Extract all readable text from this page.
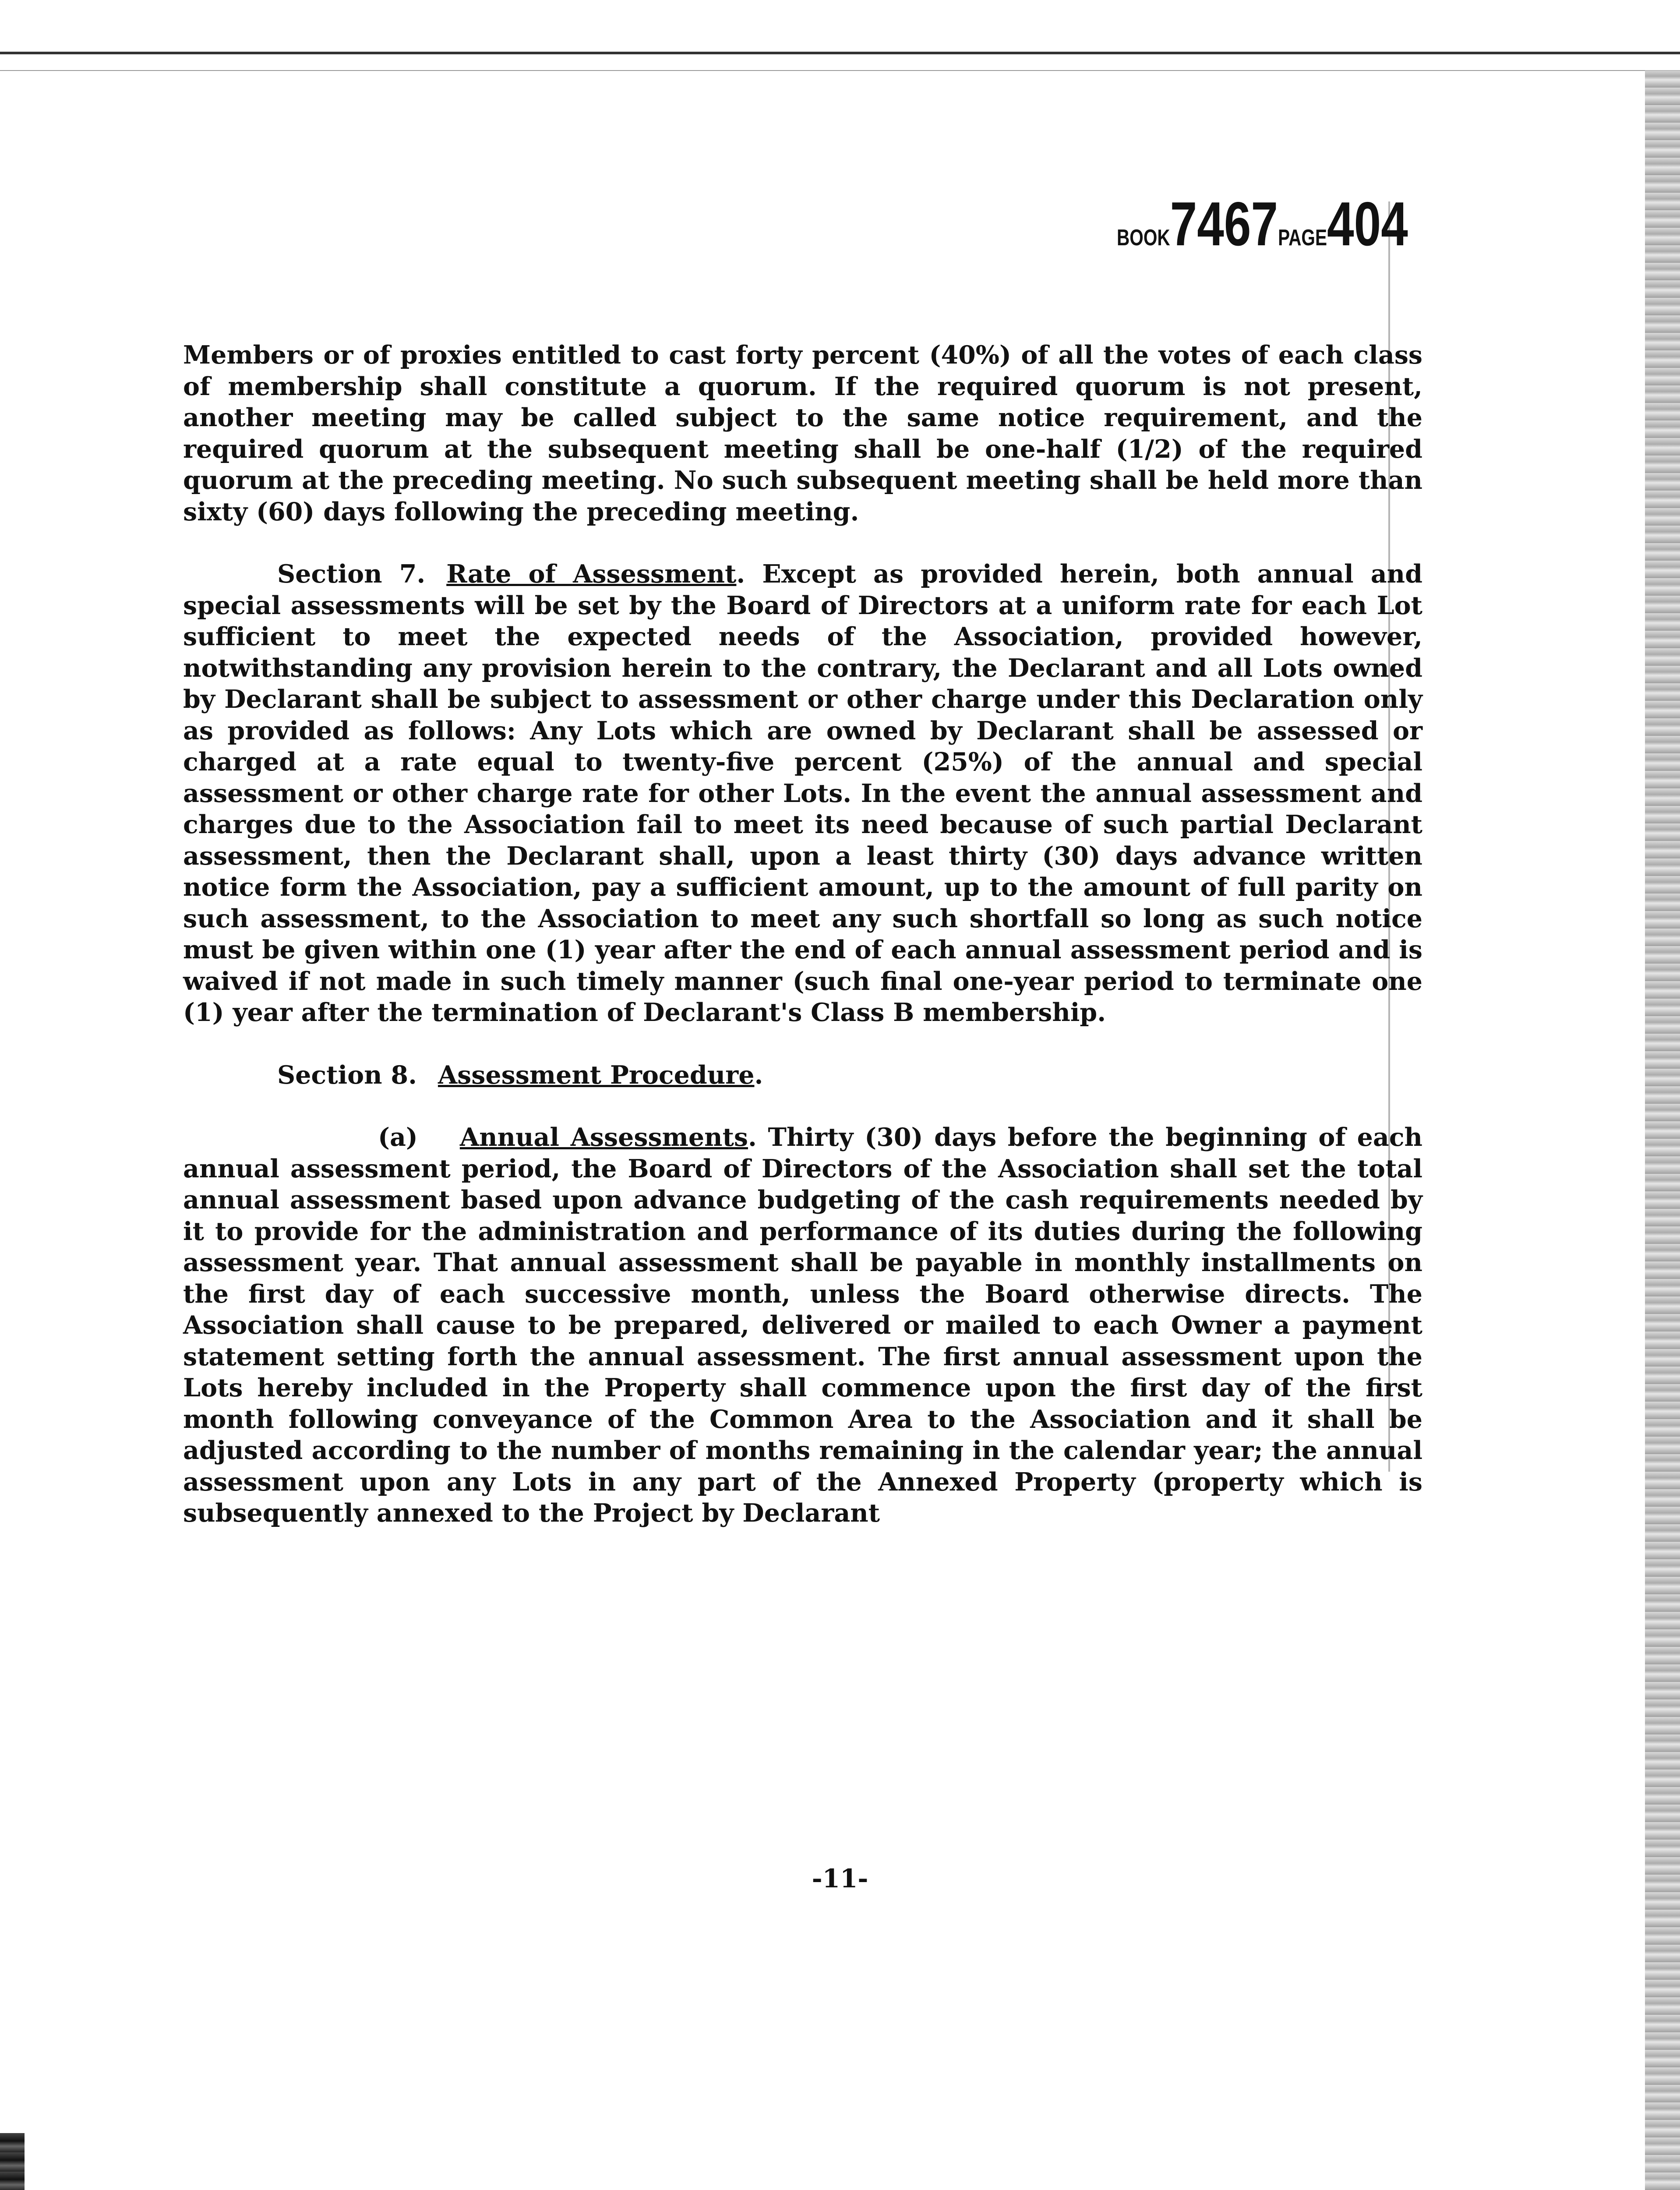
BOOK7467PAGE404

Members or of proxies entitled to cast forty percent (40%) of all the votes of each class of membership shall constitute a quorum. If the required quorum is not present, another meeting may be called subject to the same notice requirement, and the required quorum at the subsequent meeting shall be one-half (1/2) of the required quorum at the preceding meeting. No such subsequent meeting shall be held more than sixty (60) days following the preceding meeting.

Section 7. Rate of Assessment. Except as provided herein, both annual and special assessments will be set by the Board of Directors at a uniform rate for each Lot sufficient to meet the expected needs of the Association, provided however, notwithstanding any provision herein to the contrary, the Declarant and all Lots owned by Declarant shall be subject to assessment or other charge under this Declaration only as provided as follows: Any Lots which are owned by Declarant shall be assessed or charged at a rate equal to twenty-five percent (25%) of the annual and special assessment or other charge rate for other Lots. In the event the annual assessment and charges due to the Association fail to meet its need because of such partial Declarant assessment, then the Declarant shall, upon a least thirty (30) days advance written notice form the Association, pay a sufficient amount, up to the amount of full parity on such assessment, to the Association to meet any such shortfall so long as such notice must be given within one (1) year after the end of each annual assessment period and is waived if not made in such timely manner (such final one-year period to terminate one (1) year after the termination of Declarant's Class B membership.

Section 8. Assessment Procedure.

(a) Annual Assessments. Thirty (30) days before the beginning of each annual assessment period, the Board of Directors of the Association shall set the total annual assessment based upon advance budgeting of the cash requirements needed by it to provide for the administration and performance of its duties during the following assessment year. That annual assessment shall be payable in monthly installments on the first day of each successive month, unless the Board otherwise directs. The Association shall cause to be prepared, delivered or mailed to each Owner a payment statement setting forth the annual assessment. The first annual assessment upon the Lots hereby included in the Property shall commence upon the first day of the first month following conveyance of the Common Area to the Association and it shall be adjusted according to the number of months remaining in the calendar year; the annual assessment upon any Lots in any part of the Annexed Property (property which is subsequently annexed to the Project by Declarant

-11-
